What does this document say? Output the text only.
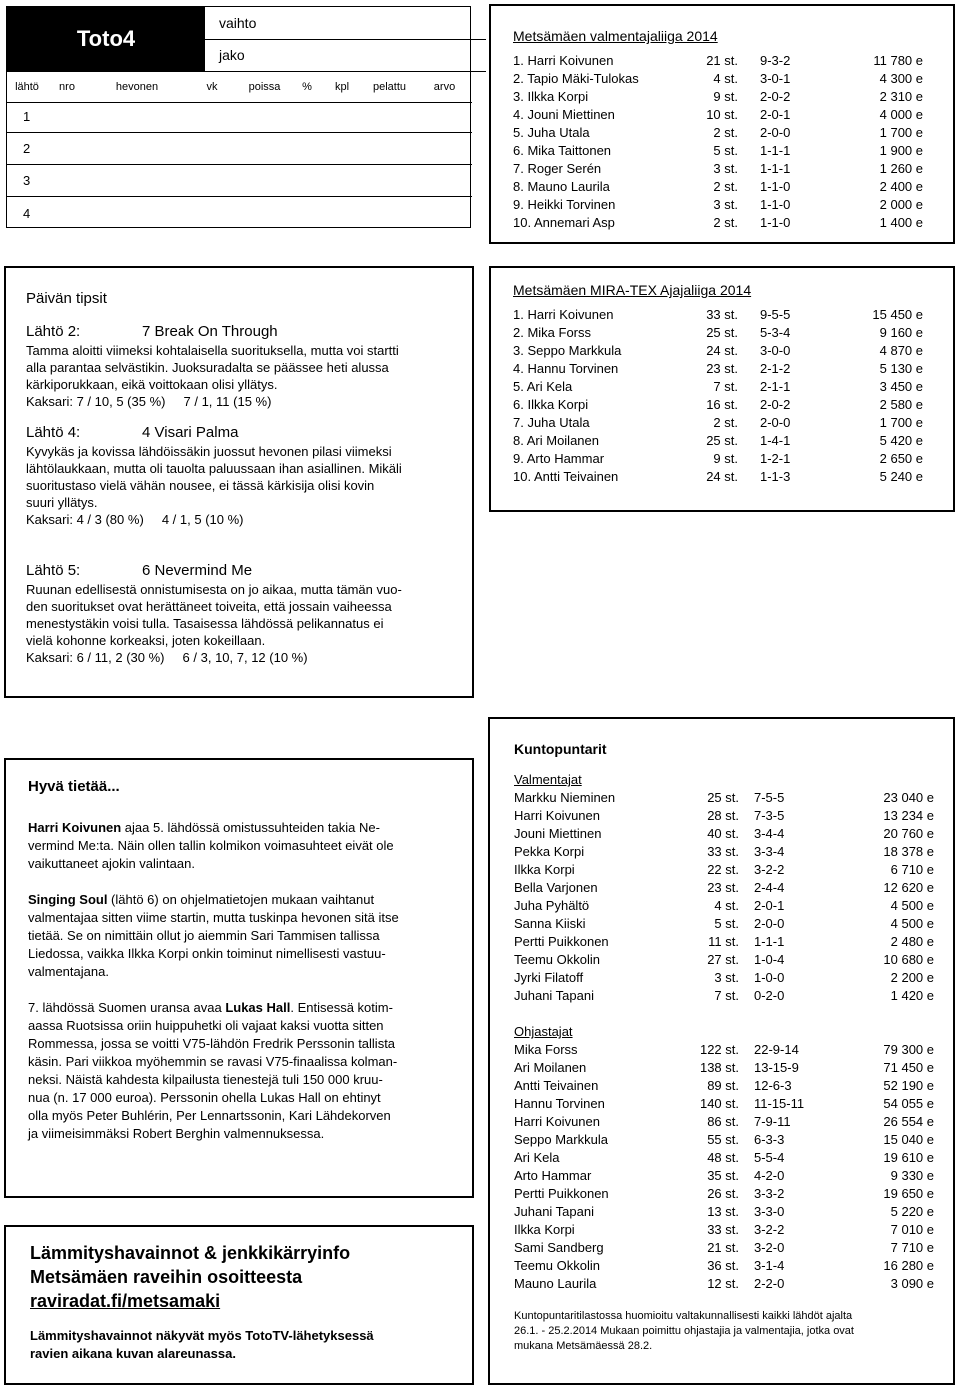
Toto4
vaihto
jako
lähtö	nro	hevonen	vk	poissa	%	kpl	pelattu	arvo
1
2
3
4
Metsämäen valmentajaliiga 2014
1. Harri Koivunen	21 st.	9-3-2	11 780 e
2. Tapio Mäki-Tulokas	4 st.	3-0-1	4 300 e
3. Ilkka Korpi	9 st.	2-0-2	2 310 e
4. Jouni Miettinen	10 st.	2-0-1	4 000 e
5. Juha Utala	2 st.	2-0-0	1 700 e
6. Mika Taittonen	5 st.	1-1-1	1 900 e
7. Roger Serén	3 st.	1-1-1	1 260 e
8. Mauno Laurila	2 st.	1-1-0	2 400 e
9. Heikki Torvinen	3 st.	1-1-0	2 000 e
10. Annemari Asp	2 st.	1-1-0	1 400 e
Päivän tipsit
Lähtö 2:	7 Break On Through

Tamma aloitti viimeksi kohtalaisella suorituksella, mutta voi startti

alla parantaa selvästikin. Juoksuradalta se päässee heti alussa

kärkiporukkaan, eikä voittokaan olisi yllätys.

Kaksari: 7 / 10, 5 (35 %)     7 / 1, 11 (15 %)

Lähtö 4:	4 Visari Palma

Kyvykäs ja kovissa lähdöissäkin juossut hevonen pilasi viimeksi

lähtölaukkaan, mutta oli tauolta paluussaan ihan asiallinen. Mikäli

suoritustaso vielä vähän nousee, ei tässä kärkisija olisi kovin

suuri yllätys.

Kaksari: 4 / 3 (80 %)     4 / 1, 5 (10 %)

Lähtö 5:	6 Nevermind Me

Ruunan edellisestä onnistumisesta on jo aikaa, mutta tämän vuo-

den suoritukset ovat herättäneet toiveita, että jossain vaiheessa

menestystäkin voisi tulla. Tasaisessa lähdössä pelikannatus ei

vielä kohonne korkeaksi, joten kokeillaan.

Kaksari: 6 / 11, 2 (30 %)     6 / 3, 10, 7, 12 (10 %)

Metsämäen MIRA-TEX Ajajaliiga 2014
1. Harri Koivunen	33 st.	9-5-5	15 450 e
2. Mika Forss	25 st.	5-3-4	9 160 e
3. Seppo Markkula	24 st.	3-0-0	4 870 e
4. Hannu Torvinen	23 st.	2-1-2	5 130 e
5. Ari Kela	7 st.	2-1-1	3 450 e
6. Ilkka Korpi	16 st.	2-0-2	2 580 e
7. Juha Utala	2 st.	2-0-0	1 700 e
8. Ari Moilanen	25 st.	1-4-1	5 420 e
9. Arto Hammar	9 st.	1-2-1	2 650 e
10. Antti Teivainen	24 st.	1-1-3	5 240 e
Hyvä tietää...
Harri Koivunen ajaa 5. lähdössä omistussuhteiden takia Ne-
vermind Me:ta. Näin ollen tallin kolmikon voimasuhteet eivät ole
vaikuttaneet ajokin valintaan.
Singing Soul (lähtö 6) on ohjelmatietojen mukaan vaihtanut
valmentajaa sitten viime startin, mutta tuskinpa hevonen sitä itse
tietää. Se on nimittäin ollut jo aiemmin Sari Tammisen tallissa
Liedossa, vaikka Ilkka Korpi onkin toiminut nimellisesti vastuu-
valmentajana.
7. lähdössä Suomen uransa avaa Lukas Hall. Entisessä kotim-
aassa Ruotsissa oriin huippuhetki oli vajaat kaksi vuotta sitten
Rommessa, jossa se voitti V75-lähdön Fredrik Perssonin tallista
käsin. Pari viikkoa myöhemmin se ravasi V75-finaalissa kolman-
neksi. Näistä kahdesta kilpailusta tienestejä tuli 150 000 kruu-
nua (n. 17 000 euroa). Perssonin ohella Lukas Hall on ehtinyt
olla myös Peter Buhlérin, Per Lennartssonin, Kari Lähdekorven
ja viimeisimmäksi Robert Berghin valmennuksessa.
Lämmityshavainnot & jenkkikärryinfo
Metsämäen raveihin osoitteesta
raviradat.fi/metsamaki
Lämmityshavainnot näkyvät myös TotoTV-lähetyksessä
ravien aikana kuvan alareunassa.
Kuntopuntarit
Valmentajat
Markku Nieminen	25 st.	7-5-5	23 040 e
Harri Koivunen	28 st.	7-3-5	13 234 e
Jouni Miettinen	40 st.	3-4-4	20 760 e
Pekka Korpi	33 st.	3-3-4	18 378 e
Ilkka Korpi	22 st.	3-2-2	6 710 e
Bella Varjonen	23 st.	2-4-4	12 620 e
Juha Pyhältö	4 st.	2-0-1	4 500 e
Sanna Kiiski	5 st.	2-0-0	4 500 e
Pertti Puikkonen	11 st.	1-1-1	2 480 e
Teemu Okkolin	27 st.	1-0-4	10 680 e
Jyrki Filatoff	3 st.	1-0-0	2 200 e
Juhani Tapani	7 st.	0-2-0	1 420 e
Ohjastajat
Mika Forss	122 st.	22-9-14	79 300 e
Ari Moilanen	138 st.	13-15-9	71 450 e
Antti Teivainen	89 st.	12-6-3	52 190 e
Hannu Torvinen	140 st.	11-15-11	54 055 e
Harri Koivunen	86 st.	7-9-11	26 554 e
Seppo Markkula	55 st.	6-3-3	15 040 e
Ari Kela	48 st.	5-5-4	19 610 e
Arto Hammar	35 st.	4-2-0	9 330 e
Pertti Puikkonen	26 st.	3-3-2	19 650 e
Juhani Tapani	13 st.	3-3-0	5 220 e
Ilkka Korpi	33 st.	3-2-2	7 010 e
Sami Sandberg	21 st.	3-2-0	7 710 e
Teemu Okkolin	36 st.	3-1-4	16 280 e
Mauno Laurila	12 st.	2-2-0	3 090 e
Kuntopuntaritilastossa huomioitu valtakunnallisesti kaikki lähdöt ajalta
26.1. - 25.2.2014 Mukaan poimittu ohjastajia ja valmentajia, jotka ovat
mukana Metsämäessä 28.2.
